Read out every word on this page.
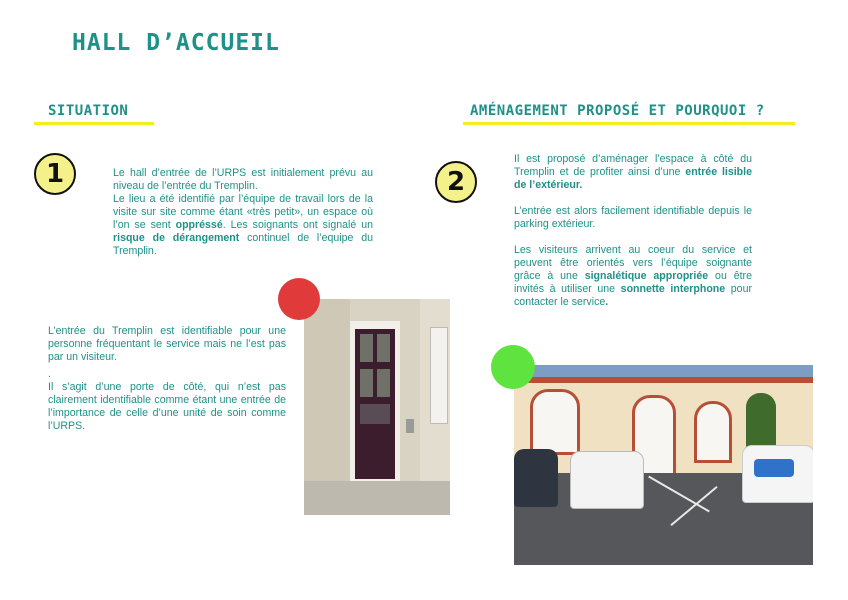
HALL D’ACCUEIL
SITUATION
1	Le hall d’entrée de l’URPS est initialement prévu au niveau de l’entrée du Tremplin.

Le lieu a été identifié par l’équipe de travail lors de la visite sur site comme étant «très petit», un espace où l’on se sent oppréssé. Les soignants ont signalé un risque de dérangement continuel de l’equipe du Tremplin.

L’entrée du Tremplin est identifiable pour une personne fréquentant le service mais ne l’est pas par un visiteur.

.

Il s’agit d’une porte de côté, qui n’est pas clairement identifiable comme étant une entrée de l’importance de celle d’une unité de soin comme l’URPS.

AMÉNAGEMENT PROPOSÉ ET POURQUOI ?
2

Il est proposé d’aménager l’espace à côté du Tremplin et de profiter ainsi d’une entrée lisible de l’extérieur.

L’entrée est alors facilement identifiable depuis le parking extérieur.

Les visiteurs arrivent au coeur du service et peuvent être orientés vers l’équipe soignante grâce à une signalétique appropriée ou être invités à utiliser une sonnette interphone pour contacter le service.
